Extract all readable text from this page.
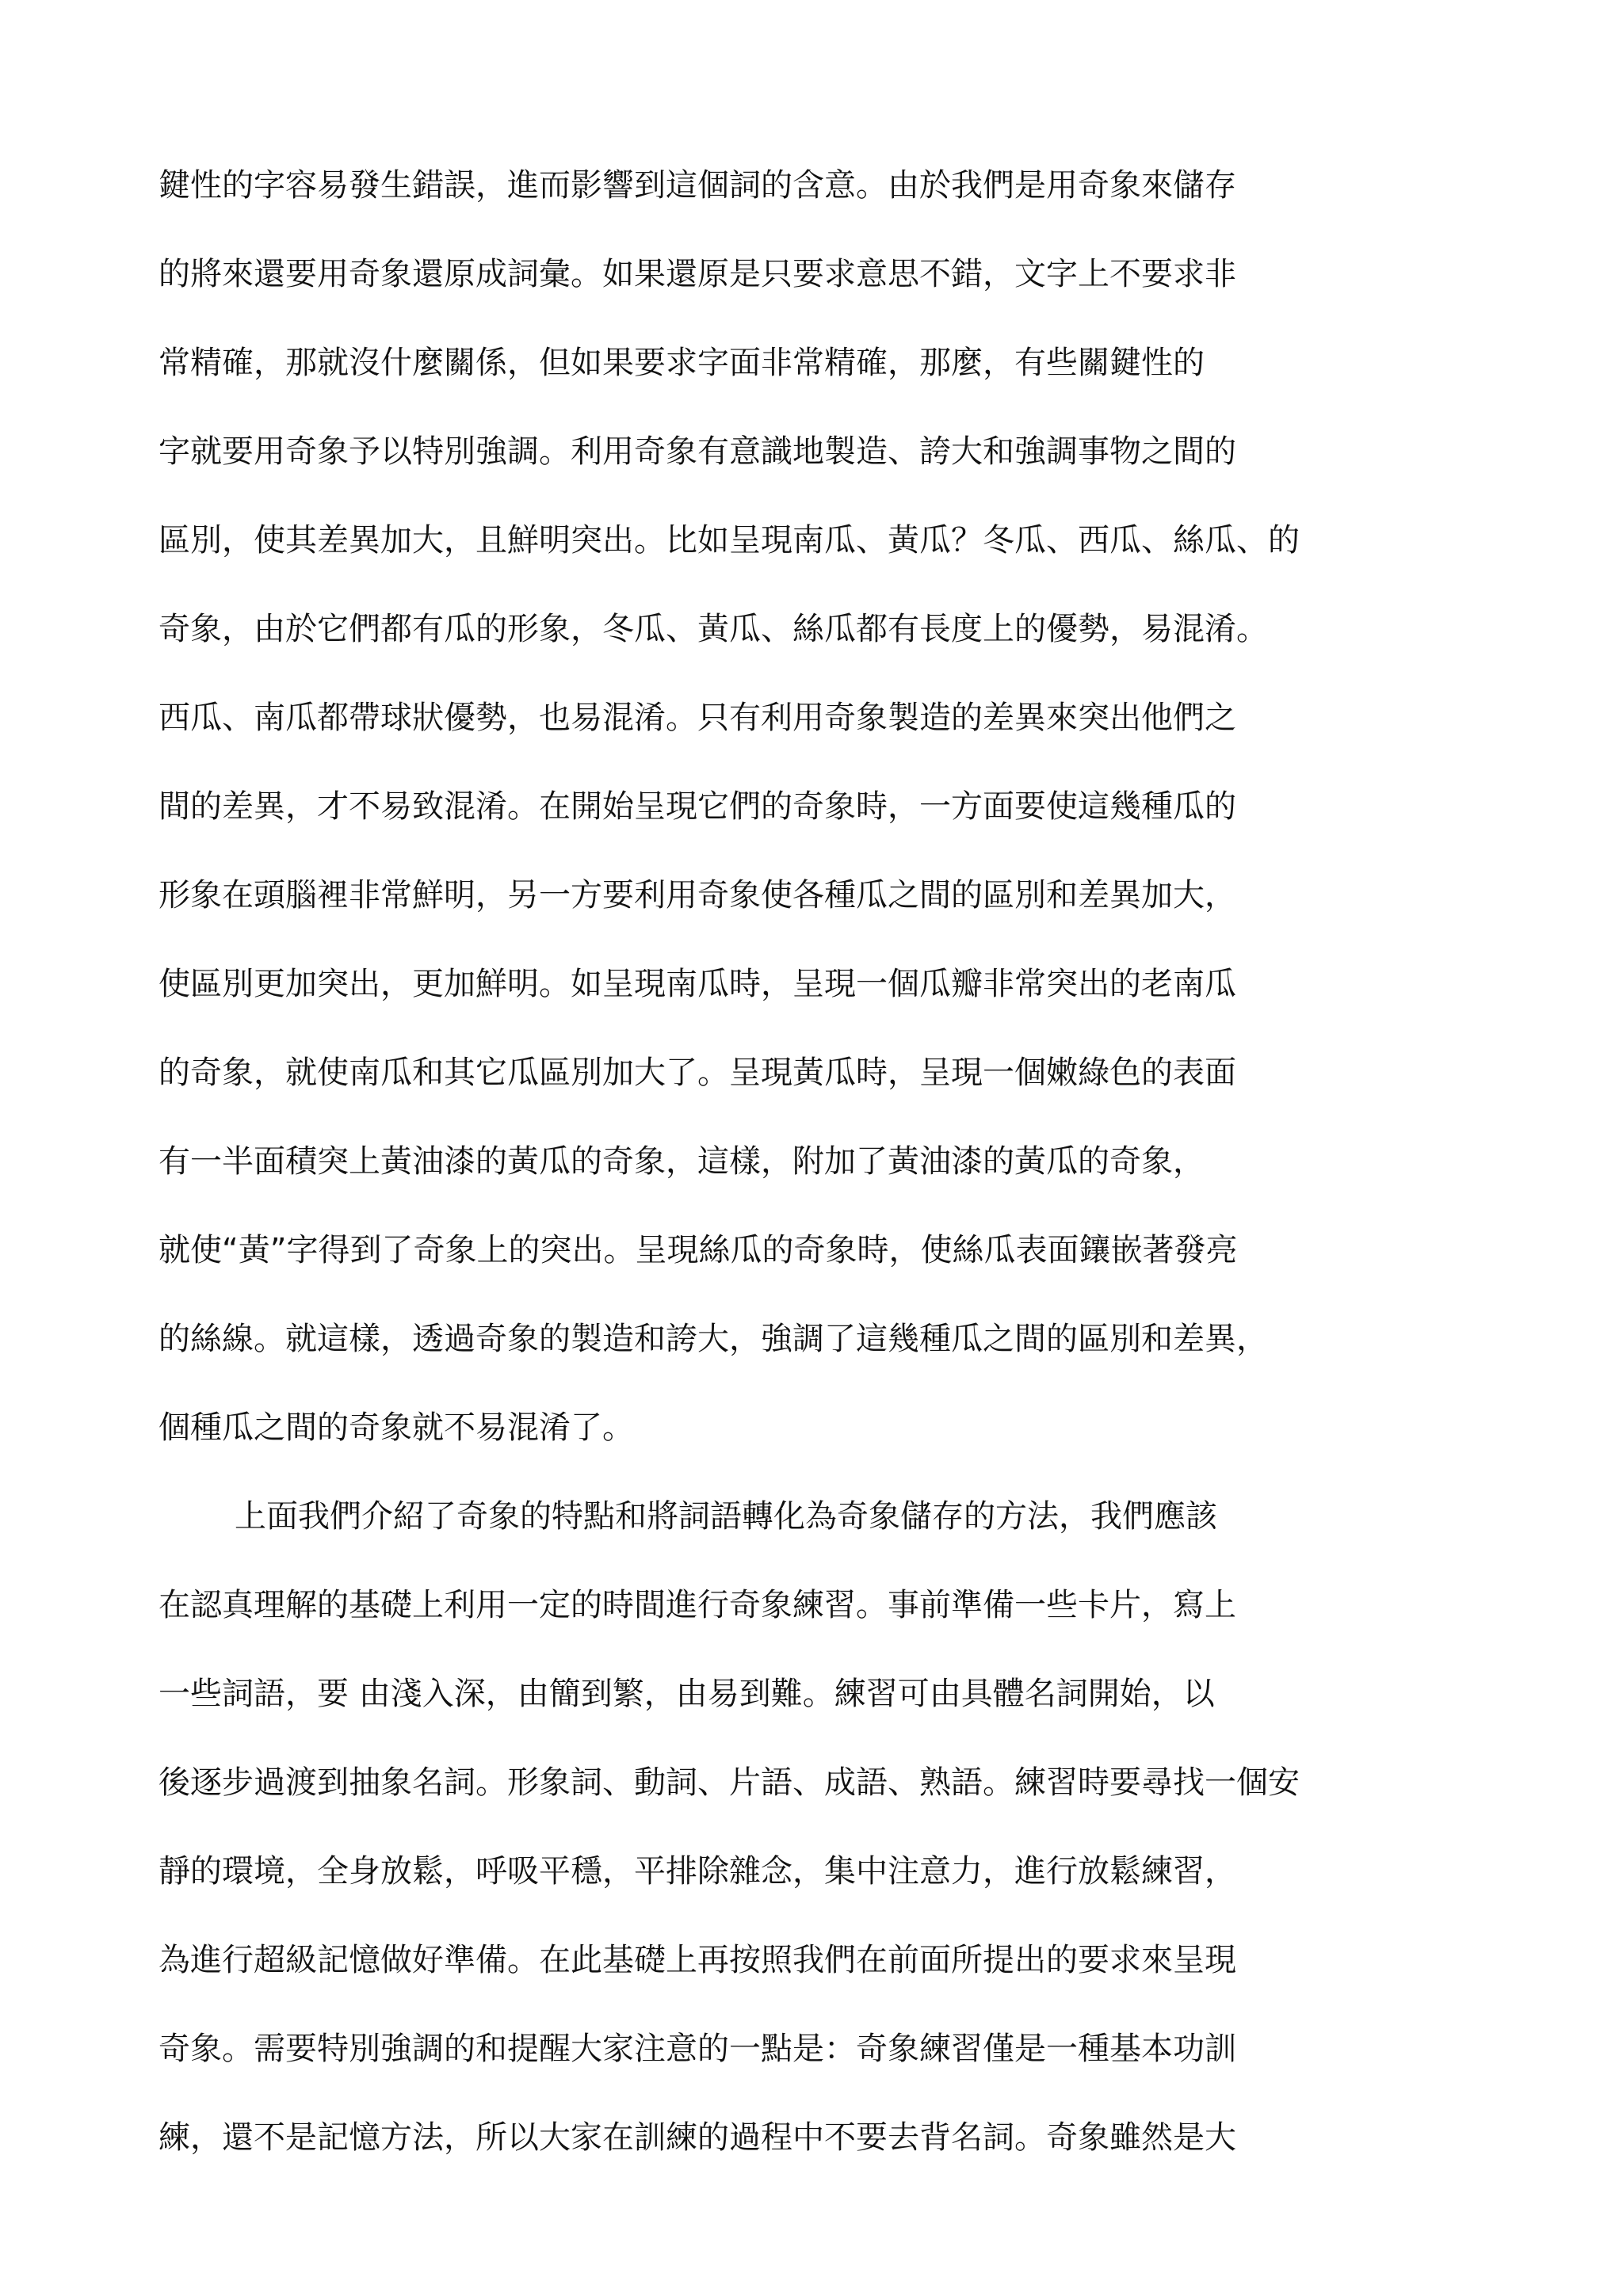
鍵性的字容易發生錯誤，進而影響到這個詞的含意。由於我們是用奇象來儲存
的將來還要用奇象還原成詞彙。如果還原是只要求意思不錯，文字上不要求非
常精確，那就沒什麼關係，但如果要求字面非常精確，那麼，有些關鍵性的
字就要用奇象予以特別強調。利用奇象有意識地製造、誇大和強調事物之間的
區別，使其差異加大，且鮮明突出。比如呈現南瓜、黃瓜？冬瓜、西瓜、絲瓜、的
奇象，由於它們都有瓜的形象，冬瓜、黃瓜、絲瓜都有長度上的優勢，易混淆。
西瓜、南瓜都帶球狀優勢，也易混淆。只有利用奇象製造的差異來突出他們之
間的差異，才不易致混淆。在開始呈現它們的奇象時，一方面要使這幾種瓜的
形象在頭腦裡非常鮮明，另一方要利用奇象使各種瓜之間的區別和差異加大，
使區別更加突出，更加鮮明。如呈現南瓜時，呈現一個瓜瓣非常突出的老南瓜
的奇象，就使南瓜和其它瓜區別加大了。呈現黃瓜時，呈現一個嫩綠色的表面
有一半面積突上黃油漆的黃瓜的奇象，這樣，附加了黃油漆的黃瓜的奇象，
就使“黃”字得到了奇象上的突出。呈現絲瓜的奇象時，使絲瓜表面鑲嵌著發亮
的絲線。就這樣，透過奇象的製造和誇大，強調了這幾種瓜之間的區別和差異，
個種瓜之間的奇象就不易混淆了。
上面我們介紹了奇象的特點和將詞語轉化為奇象儲存的方法，我們應該
在認真理解的基礎上利用一定的時間進行奇象練習。事前準備一些卡片，寫上
一些詞語，要 由淺入深，由簡到繁，由易到難。練習可由具體名詞開始，以
後逐步過渡到抽象名詞。形象詞、動詞、片語、成語、熟語。練習時要尋找一個安
靜的環境，全身放鬆，呼吸平穩，平排除雜念，集中注意力，進行放鬆練習，
為進行超級記憶做好準備。在此基礎上再按照我們在前面所提出的要求來呈現
奇象。需要特別強調的和提醒大家注意的一點是：奇象練習僅是一種基本功訓
練，還不是記憶方法，所以大家在訓練的過程中不要去背名詞。奇象雖然是大
